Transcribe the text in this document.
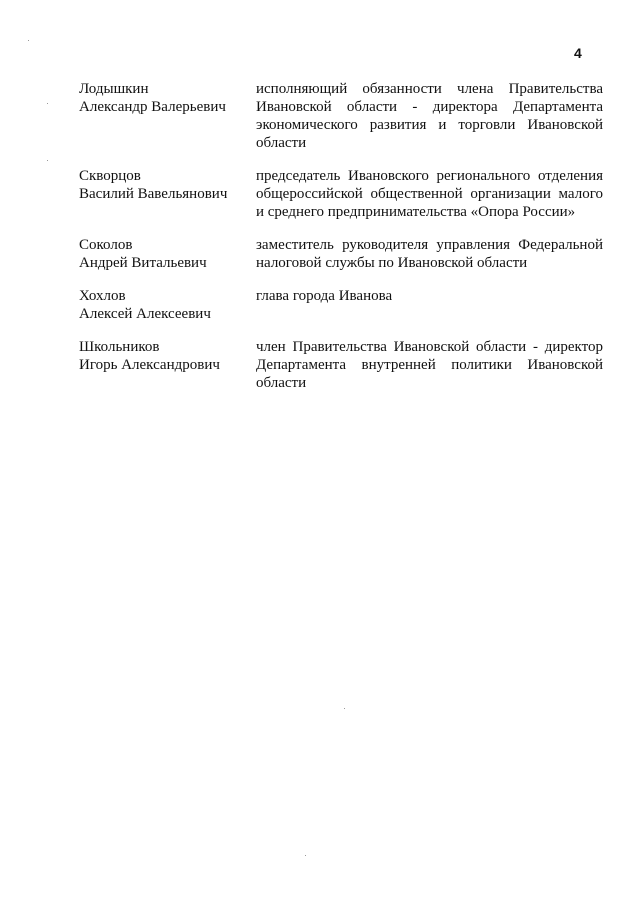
4
Лодышкин
Александр Валерьевич
исполняющий обязанности члена Правительства
Ивановской области - директора Департамента
экономического развития и торговли Ивановской
области
Скворцов
Василий Вавельянович
председатель Ивановского регионального отделения
общероссийской общественной организации малого
и среднего предпринимательства «Опора России»
Соколов
Андрей Витальевич
заместитель руководителя управления Федеральной
налоговой службы по Ивановской области
Хохлов
Алексей Алексеевич
глава города Иванова
Школьников
Игорь Александрович
член Правительства Ивановской области - директор
Департамента внутренней политики Ивановской
области
